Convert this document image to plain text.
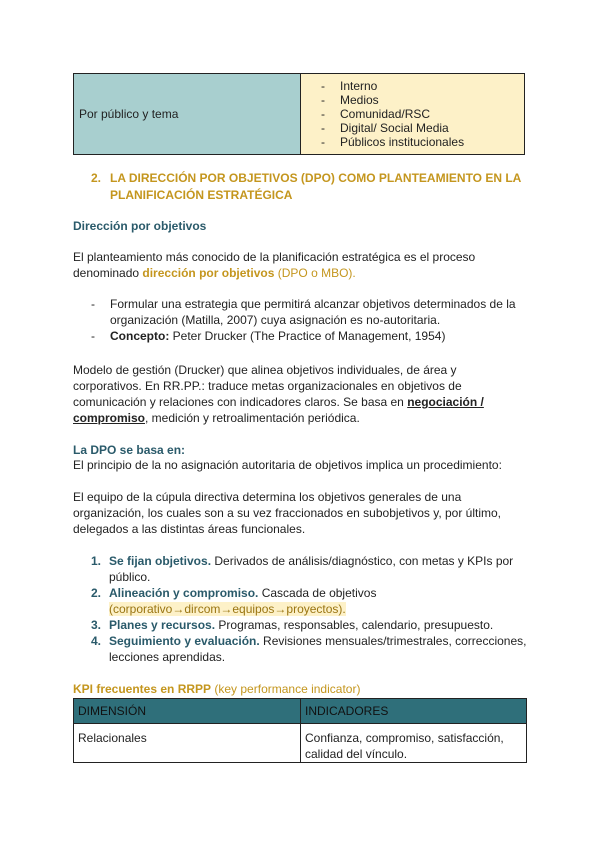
Por público y tema
-	Interno
-	Medios
-	Comunidad/RSC
-	Digital/ Social Media
-	Públicos institucionales
2. LA DIRECCIÓN POR OBJETIVOS (DPO) COMO PLANTEAMIENTO EN LA PLANIFICACIÓN ESTRATÉGICA
Dirección por objetivos
El planteamiento más conocido de la planificación estratégica es el proceso denominado dirección por objetivos (DPO o MBO).
-	Formular una estrategia que permitirá alcanzar objetivos determinados de la organización (Matilla, 2007) cuya asignación es no-autoritaria.
-	Concepto: Peter Drucker (The Practice of Management, 1954)
Modelo de gestión (Drucker) que alinea objetivos individuales, de área y corporativos. En RR.PP.: traduce metas organizacionales en objetivos de comunicación y relaciones con indicadores claros. Se basa en negociación / compromiso, medición y retroalimentación periódica.
La DPO se basa en:
El principio de la no asignación autoritaria de objetivos implica un procedimiento:
El equipo de la cúpula directiva determina los objetivos generales de una organización, los cuales son a su vez fraccionados en subobjetivos y, por último, delegados a las distintas áreas funcionales.
1. Se fijan objetivos. Derivados de análisis/diagnóstico, con metas y KPIs por público.
2. Alineación y compromiso. Cascada de objetivos
(corporativo→dircom→equipos→proyectos).
3. Planes y recursos. Programas, responsables, calendario, presupuesto.
4. Seguimiento y evaluación. Revisiones mensuales/trimestrales, correcciones, lecciones aprendidas.
KPI frecuentes en RRPP (key performance indicator)
DIMENSIÓN	INDICADORES
Relacionales	Confianza, compromiso, satisfacción, calidad del vínculo.
